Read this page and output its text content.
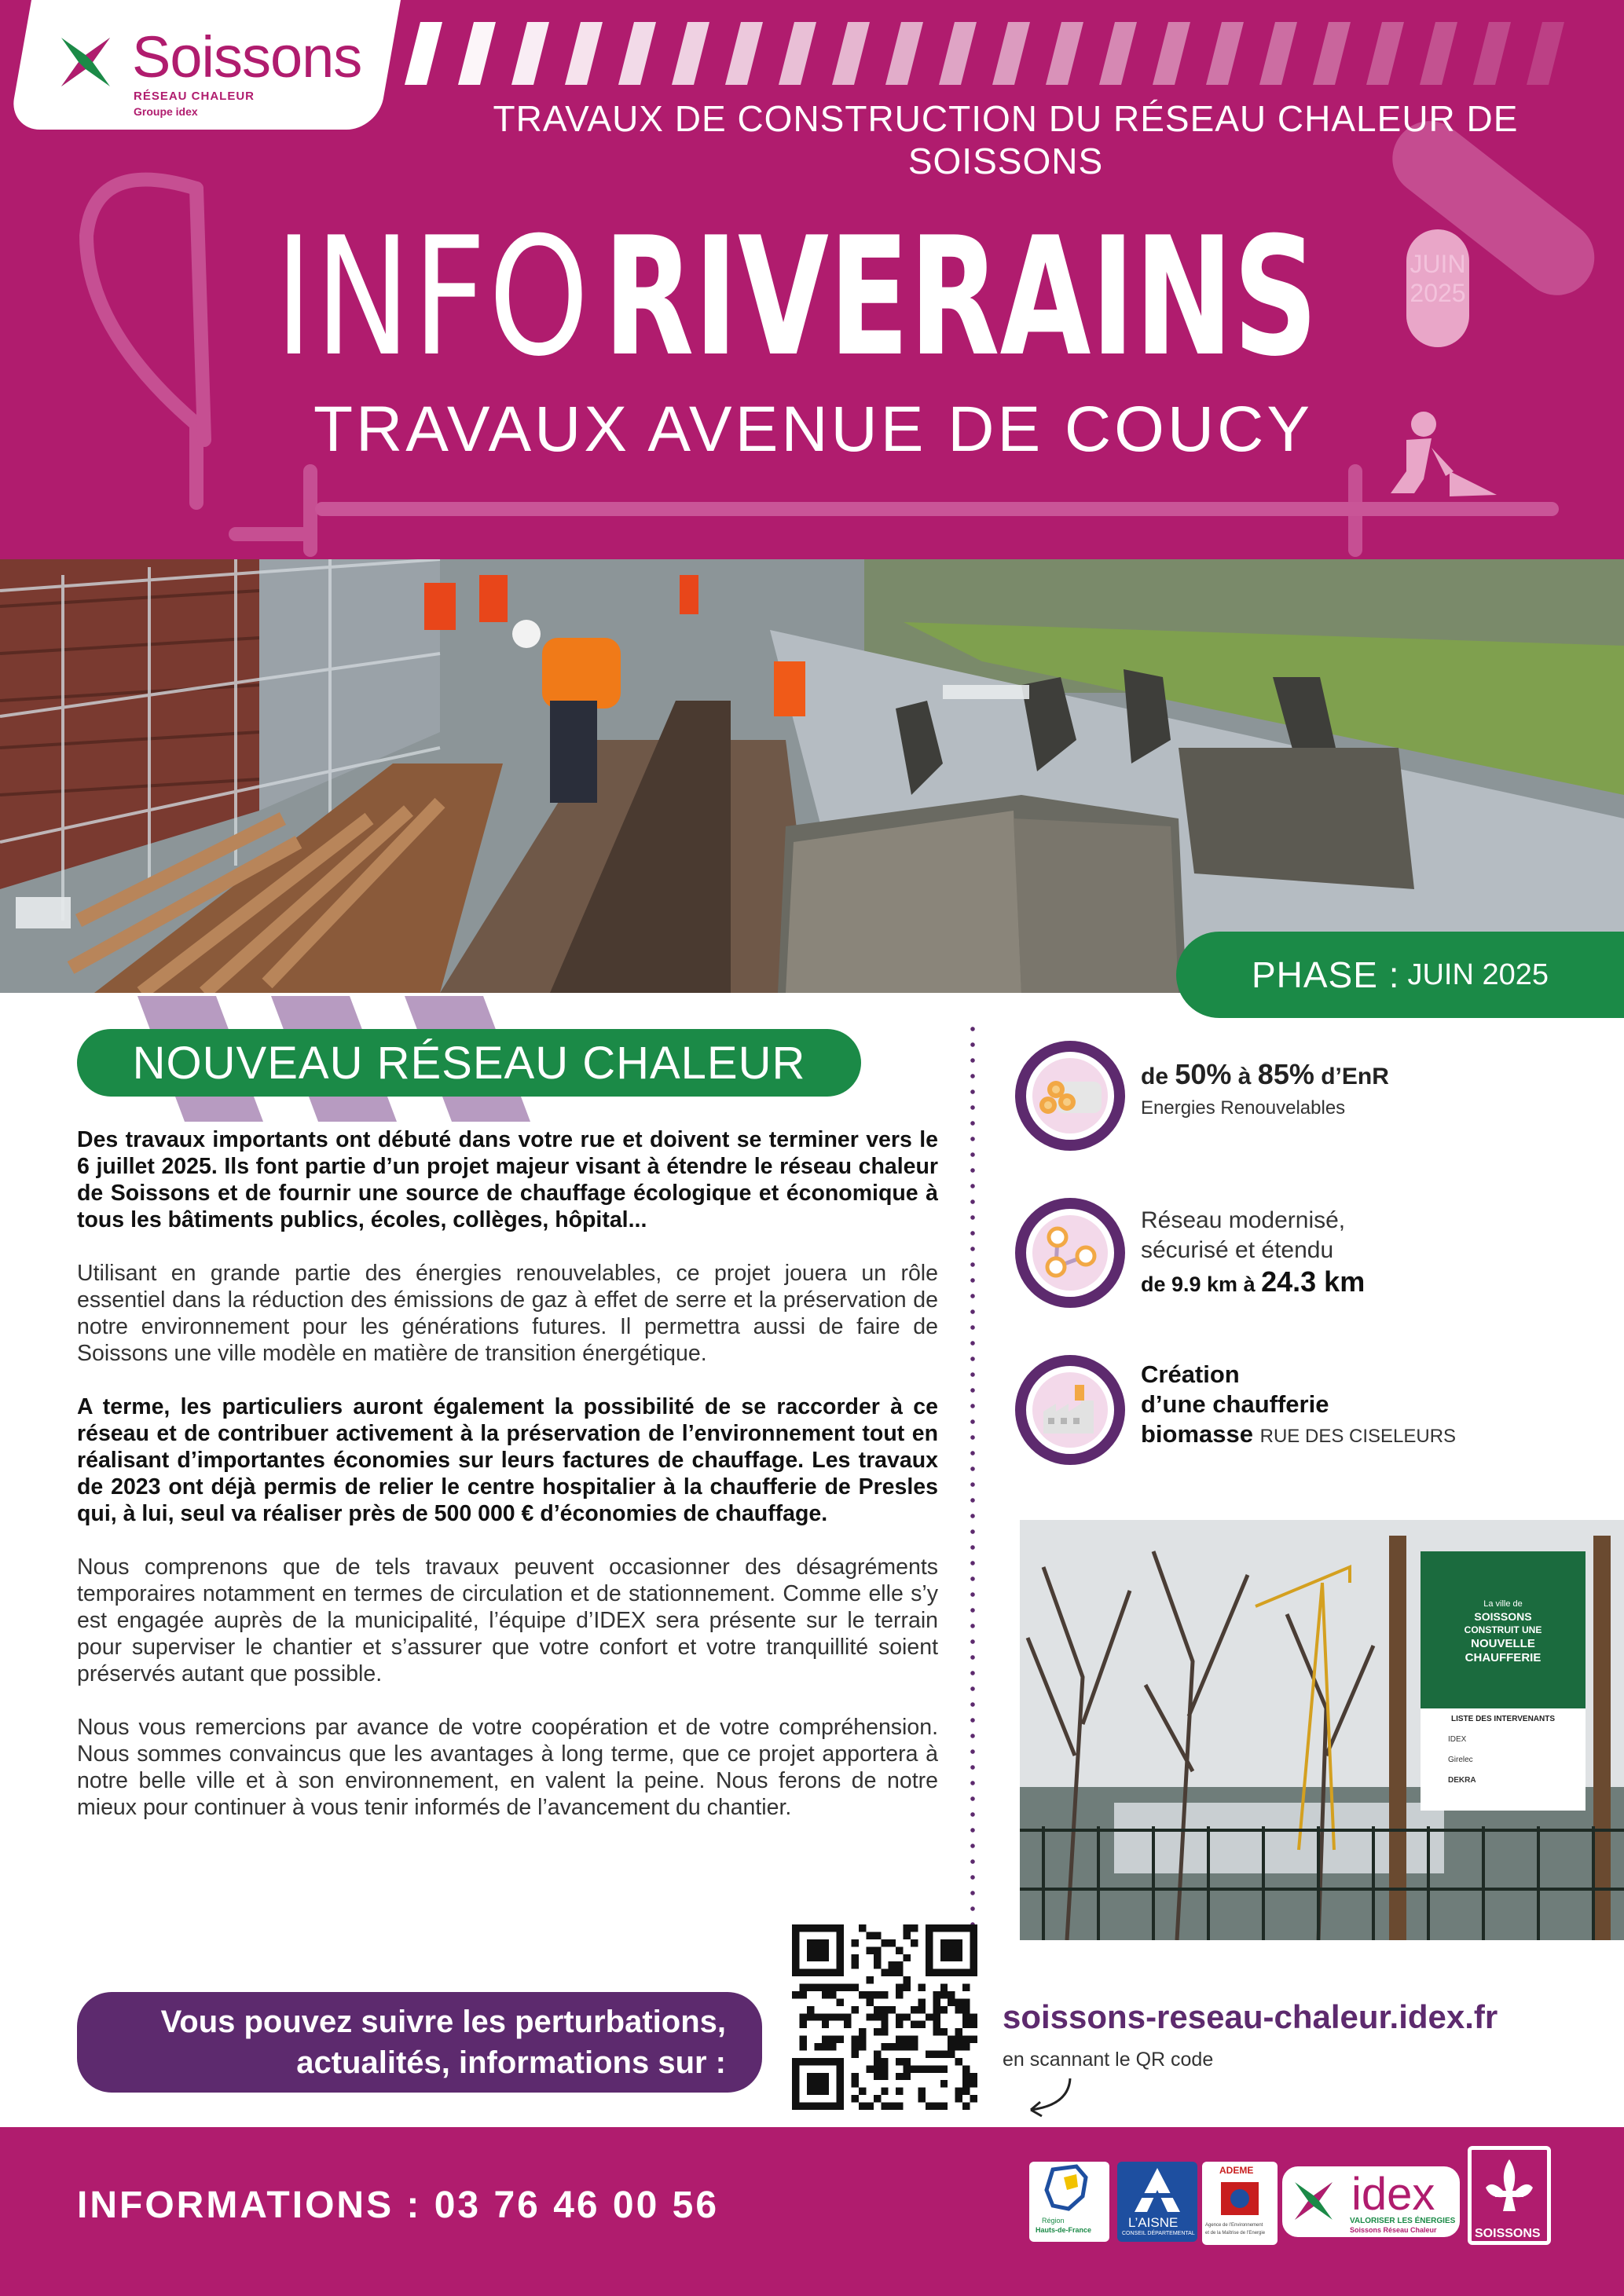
Soissons
RÉSEAU CHALEUR
Groupe idex	TRAVAUX DE CONSTRUCTION DU RÉSEAU CHALEUR DE SOISSONS
INFO RIVERAINS	JUIN
2025
TRAVAUX AVENUE DE COUCY
PHASE : JUIN 2025
NOUVEAU RÉSEAU CHALEUR

Des travaux importants ont débuté dans votre rue et doivent se terminer vers le 6 juillet 2025. Ils font partie d’un projet majeur visant à étendre le réseau chaleur de Soissons et de fournir une source de chauffage écologique et économique à tous les bâtiments publics, écoles, collèges, hôpital...

Utilisant en grande partie des énergies renouvelables, ce projet jouera un rôle essentiel dans la réduction des émissions de gaz à effet de serre et la préservation de notre environnement pour les générations futures. Il permettra aussi de faire de Soissons une ville modèle en matière de transition énergétique.

A terme, les particuliers auront également la possibilité de se raccorder à ce réseau et de contribuer activement à la préservation de l’environnement tout en réalisant d’importantes économies sur leurs factures de chauffage. Les travaux de 2023 ont déjà permis de relier le centre hospitalier à la chaufferie de Presles qui, à lui, seul va réaliser près de 500 000 € d’économies de chauffage.

Nous comprenons que de tels travaux peuvent occasionner des désagréments temporaires notamment en termes de circulation et de stationnement. Comme elle s’y est engagée auprès de la municipalité, l’équipe d’IDEX sera présente sur le terrain pour superviser le chantier et s’assurer que votre confort et votre tranquillité soient préservés autant que possible.

Nous vous remercions par avance de votre coopération et de votre compréhension. Nous sommes convaincus que les avantages à long terme, que ce projet apportera à notre belle ville et à son environnement, en valent la peine. Nous ferons de notre mieux pour continuer à vous tenir informés de l’avancement du chantier.

de 50% à 85% d’EnR
Energies Renouvelables
Réseau modernisé,
sécurisé et étendu
de 9.9 km à 24.3 km
Création
d’une chaufferie
biomasse RUE DES CISELEURS
La ville de
SOISSONS
CONSTRUIT UNE
NOUVELLE
CHAUFFERIE
LISTE DES INTERVENANTS
IDEX
Girelec
DEKRA
Vous pouvez suivre les perturbations,
actualités, informations sur :
soissons-reseau-chaleur.idex.fr
en scannant le QR code
INFORMATIONS : 03 76 46 00 56	Région
Hauts-de-France	L’AISNE
CONSEIL DÉPARTEMENTAL
ADEME
Agence de l’Environnement
et de la Maîtrise de l’Energie
idex
VALORISER LES ÉNERGIES
Soissons Réseau Chaleur	SOISSONS
